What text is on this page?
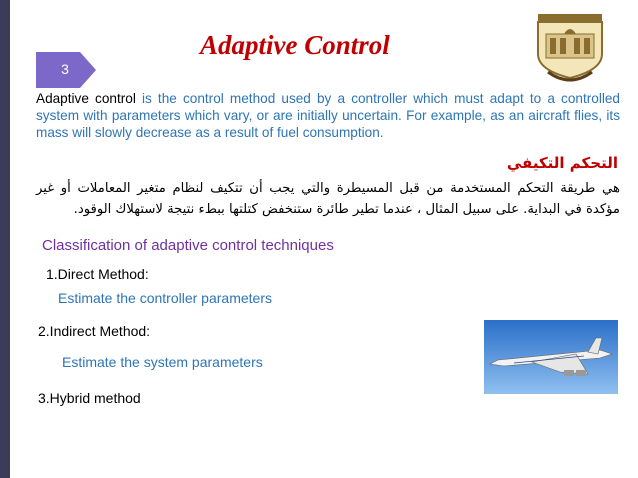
3
Adaptive Control
Adaptive control is the control method used by a controller which must adapt to a controlled system with parameters which vary, or are initially uncertain. For example, as an aircraft flies, its mass will slowly decrease as a result of fuel consumption.
التحكم التكيفي
هي طريقة التحكم المستخدمة من قبل المسيطرة والتي يجب أن تتكيف لنظام متغير المعاملات أو غير مؤكدة في البداية. على سبيل المثال ، عندما تطير طائرة ستنخفض كتلتها ببطء نتيجة لاستهلاك الوقود.
Classification of adaptive control techniques
1.Direct Method:
Estimate the controller parameters
2.Indirect Method:
Estimate the system parameters
3.Hybrid method
